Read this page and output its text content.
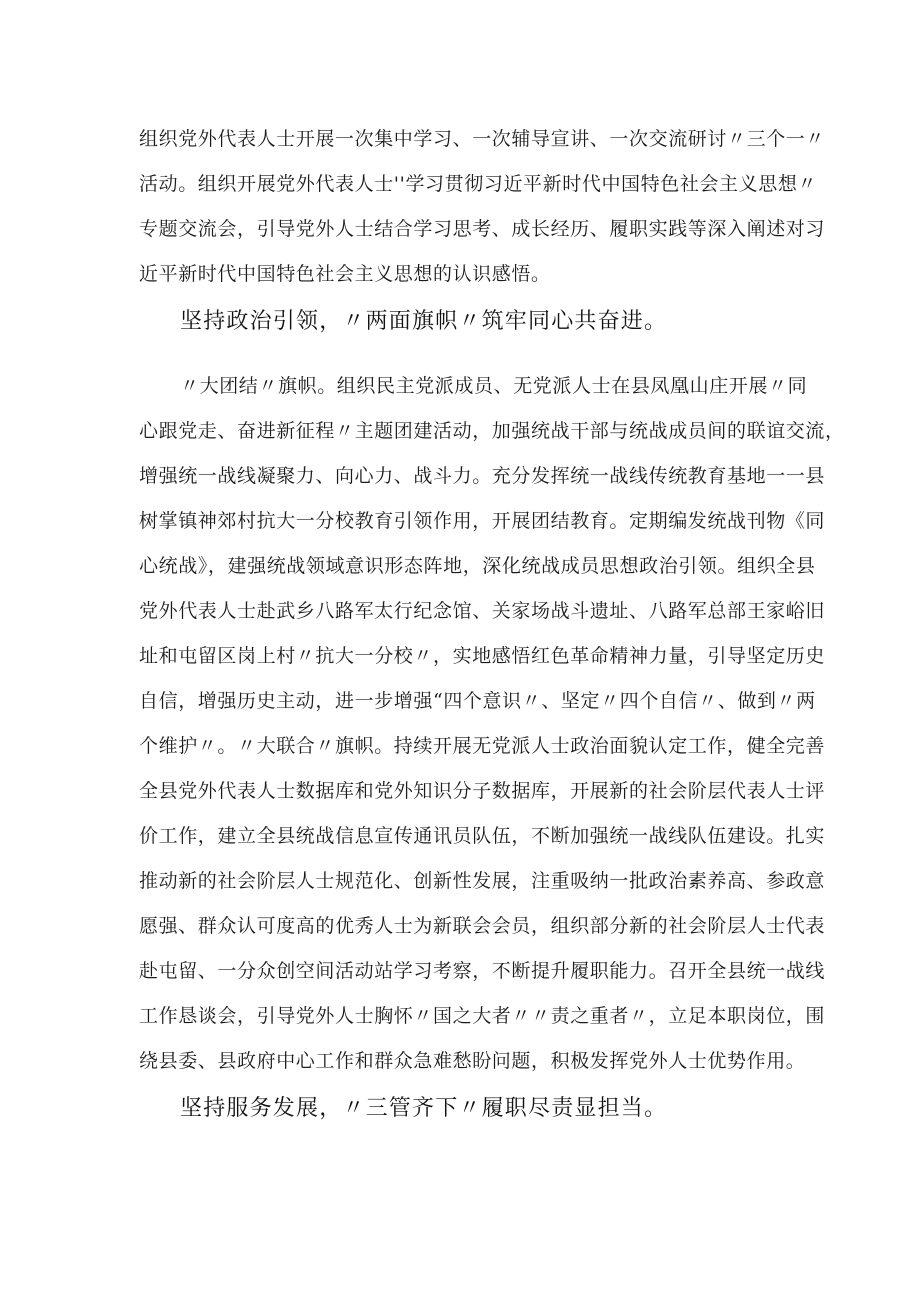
组织党外代表人士开展一次集中学习、一次辅导宣讲、一次交流研讨〃三个一〃
活动。组织开展党外代表人士''学习贯彻习近平新时代中国特色社会主义思想〃
专题交流会，引导党外人士结合学习思考、成长经历、履职实践等深入阐述对习
近平新时代中国特色社会主义思想的认识感悟。
坚持政治引领，〃两面旗帜〃筑牢同心共奋进。
〃大团结〃旗帜。组织民主党派成员、无党派人士在县凤凰山庄开展〃同
心跟党走、奋进新征程〃主题团建活动，加强统战干部与统战成员间的联谊交流，
增强统一战线凝聚力、向心力、战斗力。充分发挥统一战线传统教育基地一一县
树掌镇神郊村抗大一分校教育引领作用，开展团结教育。定期编发统战刊物《同
心统战》，建强统战领域意识形态阵地，深化统战成员思想政治引领。组织全县
党外代表人士赴武乡八路军太行纪念馆、关家场战斗遗址、八路军总部王家峪旧
址和屯留区岗上村〃抗大一分校〃，实地感悟红色革命精神力量，引导坚定历史
自信，增强历史主动，进一步增强“四个意识〃、坚定〃四个自信〃、做到〃两
个维护〃。〃大联合〃旗帜。持续开展无党派人士政治面貌认定工作，健全完善
全县党外代表人士数据库和党外知识分子数据库，开展新的社会阶层代表人士评
价工作，建立全县统战信息宣传通讯员队伍，不断加强统一战线队伍建设。扎实
推动新的社会阶层人士规范化、创新性发展，注重吸纳一批政治素养高、参政意
愿强、群众认可度高的优秀人士为新联会会员，组织部分新的社会阶层人士代表
赴屯留、一分众创空间活动站学习考察，不断提升履职能力。召开全县统一战线
工作恳谈会，引导党外人士胸怀〃国之大者〃〃责之重者〃，立足本职岗位，围
绕县委、县政府中心工作和群众急难愁盼问题，积极发挥党外人士优势作用。
坚持服务发展，〃三管齐下〃履职尽责显担当。
